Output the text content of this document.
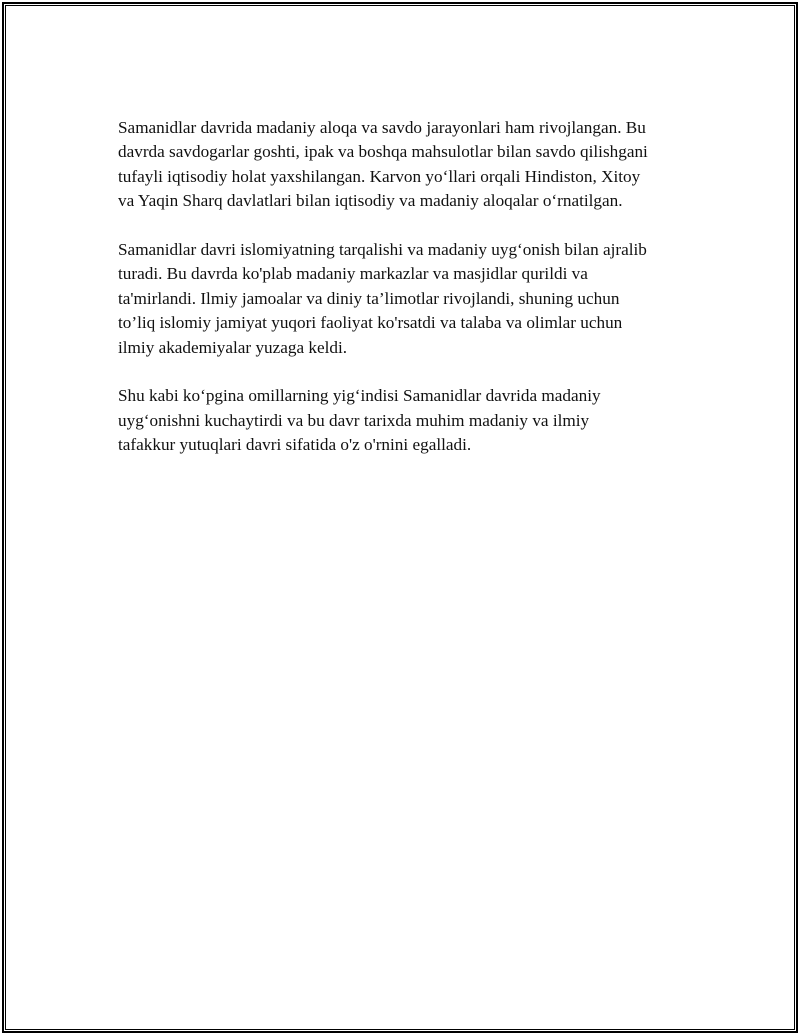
Samanidlar davrida madaniy aloqa va savdo jarayonlari ham rivojlangan. Bu
davrda savdogarlar goshti, ipak va boshqa mahsulotlar bilan savdo qilishgani
tufayli iqtisodiy holat yaxshilangan. Karvon yo‘llari orqali Hindiston, Xitoy
va Yaqin Sharq davlatlari bilan iqtisodiy va madaniy aloqalar o‘rnatilgan.

Samanidlar davri islomiyatning tarqalishi va madaniy uyg‘onish bilan ajralib
turadi. Bu davrda ko'plab madaniy markazlar va masjidlar qurildi va
ta'mirlandi. Ilmiy jamoalar va diniy ta’limotlar rivojlandi, shuning uchun
to’liq islomiy jamiyat yuqori faoliyat ko'rsatdi va talaba va olimlar uchun
ilmiy akademiyalar yuzaga keldi.

Shu kabi ko‘pgina omillarning yig‘indisi Samanidlar davrida madaniy
uyg‘onishni kuchaytirdi va bu davr tarixda muhim madaniy va ilmiy
tafakkur yutuqlari davri sifatida o'z o'rnini egalladi.
